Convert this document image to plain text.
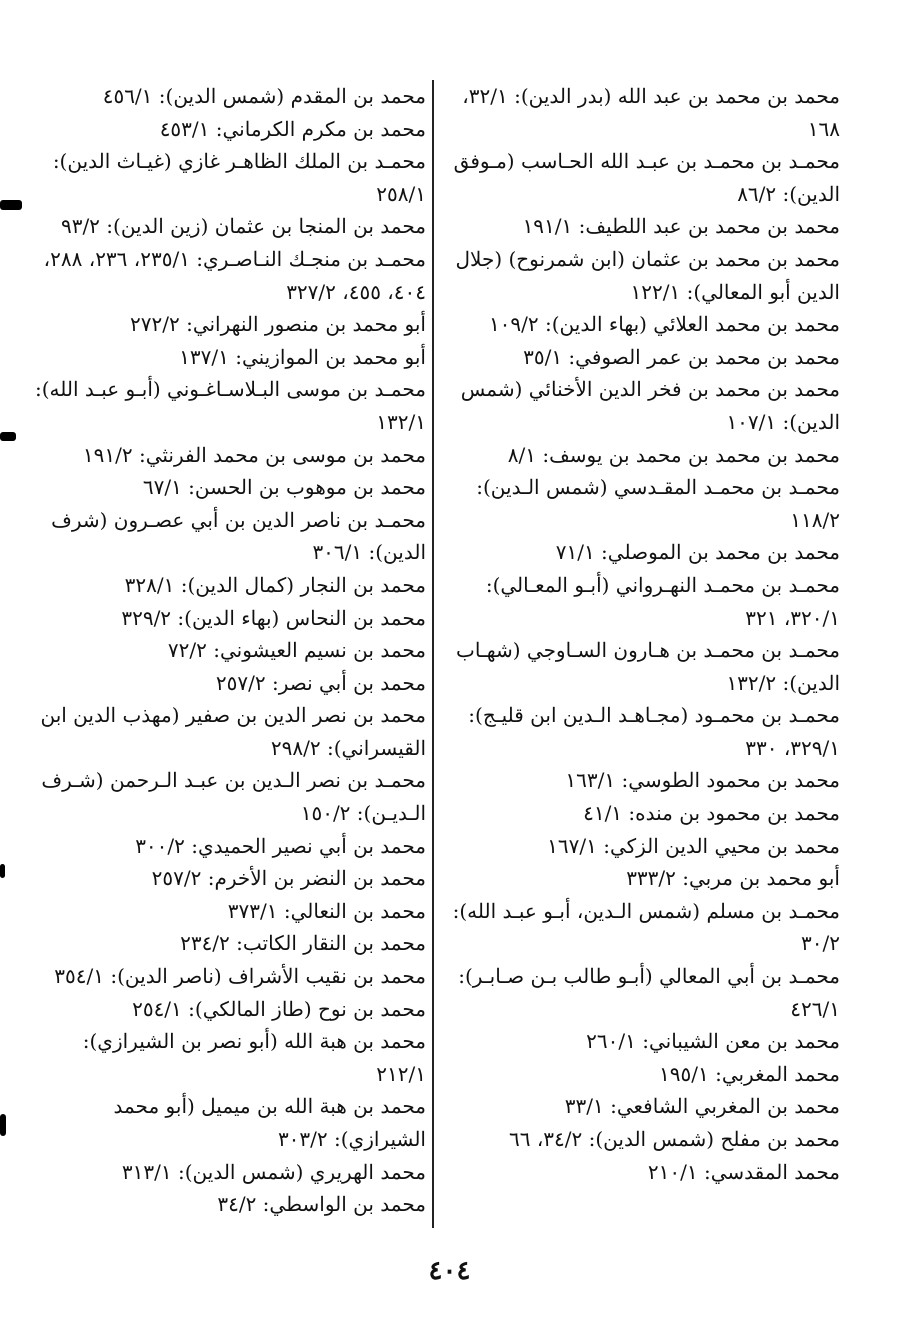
محمد بن محمد بن عبد الله (بدر الدين): ٣٢/١، ١٦٨

محمـد بن محمـد بن عبـد الله الحـاسب (مـوفق الدين): ٨٦/٢

محمد بن محمد بن عبد اللطيف: ١٩١/١

محمد بن محمد بن عثمان (ابن شمرنوح) (جلال الدين أبو المعالي): ١٢٢/١

محمد بن محمد العلائي (بهاء الدين): ١٠٩/٢

محمد بن محمد بن عمر الصوفي: ٣٥/١

محمد بن محمد بن فخر الدين الأخنائي (شمس الدين): ١٠٧/١

محمد بن محمد بن محمد بن يوسف: ٨/١

محمـد بن محمـد المقـدسي (شمس الـدين): ١١٨/٢

محمد بن محمد بن الموصلي: ٧١/١

محمـد بن محمـد النهـرواني (أبـو المعـالي): ٣٢٠/١، ٣٢١

محمـد بن محمـد بن هـارون السـاوجي (شهـاب الدين): ١٣٢/٢

محمـد بن محمـود (مجـاهـد الـدين ابن قليـج): ٣٢٩/١، ٣٣٠

محمد بن محمود الطوسي: ١٦٣/١

محمد بن محمود بن منده: ٤١/١

محمد بن محيي الدين الزكي: ١٦٧/١

أبو محمد بن مربي: ٣٣٣/٢

محمـد بن مسلم (شمس الـدين، أبـو عبـد الله): ٣٠/٢

محمـد بن أبي المعالي (أبـو طالب بـن صـابـر): ٤٢٦/١

محمد بن معن الشيباني: ٢٦٠/١

محمد المغربي: ١٩٥/١

محمد بن المغربي الشافعي: ٣٣/١

محمد بن مفلح (شمس الدين): ٣٤/٢، ٦٦

محمد المقدسي: ٢١٠/١

محمد بن المقدم (شمس الدين): ٤٥٦/١

محمد بن مكرم الكرماني: ٤٥٣/١

محمـد بن الملك الظاهـر غازي (غيـاث الدين): ٢٥٨/١

محمد بن المنجا بن عثمان (زين الدين): ٩٣/٢

محمـد بن منجـك النـاصـري: ٢٣٥/١، ٢٣٦، ٢٨٨، ٤٠٤، ٤٥٥، ٣٢٧/٢

أبو محمد بن منصور النهراني: ٢٧٢/٢

أبو محمد بن الموازيني: ١٣٧/١

محمـد بن موسى البـلاسـاغـوني (أبـو عبـد الله): ١٣٢/١

محمد بن موسى بن محمد الفرنثي: ١٩١/٢

محمد بن موهوب بن الحسن: ٦٧/١

محمـد بن ناصر الدين بن أبي عصـرون (شرف الدين): ٣٠٦/١

محمد بن النجار (كمال الدين): ٣٢٨/١

محمد بن النحاس (بهاء الدين): ٣٢٩/٢

محمد بن نسيم العيشوني: ٧٢/٢

محمد بن أبي نصر: ٢٥٧/٢

محمد بن نصر الدين بن صفير (مهذب الدين ابن القيسراني): ٢٩٨/٢

محمـد بن نصر الـدين بن عبـد الـرحمن (شـرف الـديـن): ١٥٠/٢

محمد بن أبي نصير الحميدي: ٣٠٠/٢

محمد بن النضر بن الأخرم: ٢٥٧/٢

محمد بن النعالي: ٣٧٣/١

محمد بن النقار الكاتب: ٢٣٤/٢

محمد بن نقيب الأشراف (ناصر الدين): ٣٥٤/١

محمد بن نوح (طاز المالكي): ٢٥٤/١

محمد بن هبة الله (أبو نصر بن الشيرازي): ٢١٢/١

محمد بن هبة الله بن ميميل (أبو محمد الشيرازي): ٣٠٣/٢

محمد الهريري (شمس الدين): ٣١٣/١

محمد بن الواسطي: ٣٤/٢

٤٠٤
